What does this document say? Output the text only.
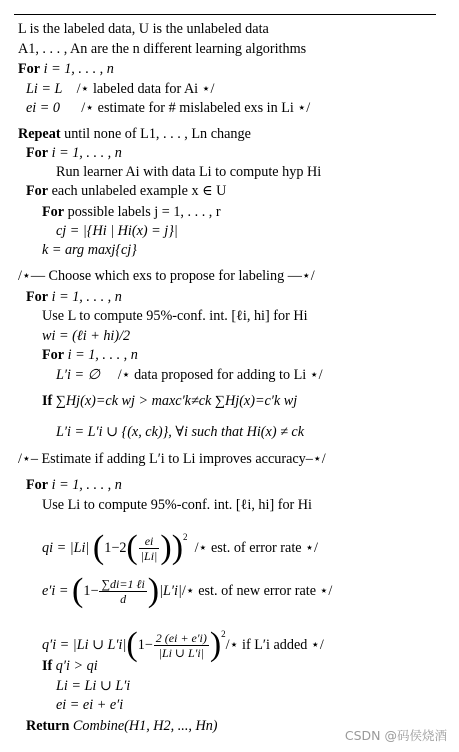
L is the labeled data, U is the unlabeled data
A1, . . . , An are the n different learning algorithms
For i = 1, . . . , n
Li = L /⋆ labeled data for Ai ⋆/
ei = 0 /⋆ estimate for # mislabeled exs in Li ⋆/
Repeat until none of L1, . . . , Ln change
For i = 1, . . . , n
Run learner Ai with data Li to compute hyp Hi
For each unlabeled example x ∈ U
For possible labels j = 1, . . . , r
cj = |{Hi | Hi(x) = j}|
k = arg maxj{cj}
/⋆— Choose which exs to propose for labeling —⋆/
For i = 1, . . . , n
Use L to compute 95%-conf. int. [ℓi, hi] for Hi
wi = (ℓi + hi)/2
For i = 1, . . . , n
L′i = ∅ /⋆ data proposed for adding to Li ⋆/
If ∑Hj(x)=ck wj > maxc′k≠ck ∑Hj(x)=c′k wj
L′i = L′i ∪ {(x, ck)}, ∀i such that Hi(x) ≠ ck
/⋆– Estimate if adding L′i to Li improves accuracy–⋆/
For i = 1, . . . , n
Use Li to compute 95%-conf. int. [ℓi, hi] for Hi
qi = |Li| $(1-2( \frac{ei}{|Li|} ))^2$  /⋆ est. of error rate ⋆/
$e'i = (1- \frac{\text{∑di=1 ℓi}}{d}$ )|L′i|/⋆ est. of new error rate ⋆/
q′i = |Li ∪ $L'i|(1- \frac{2 (ei + e'i)}{|Li \cup L'i|}$ )$^2/⋆$ if L′i added ⋆/
If q′i > qi
Li = Li ∪ L′i
ei = ei + e′i
Return Combine(H1, H2, ..., Hn)
CSDN @码侯烧酒
